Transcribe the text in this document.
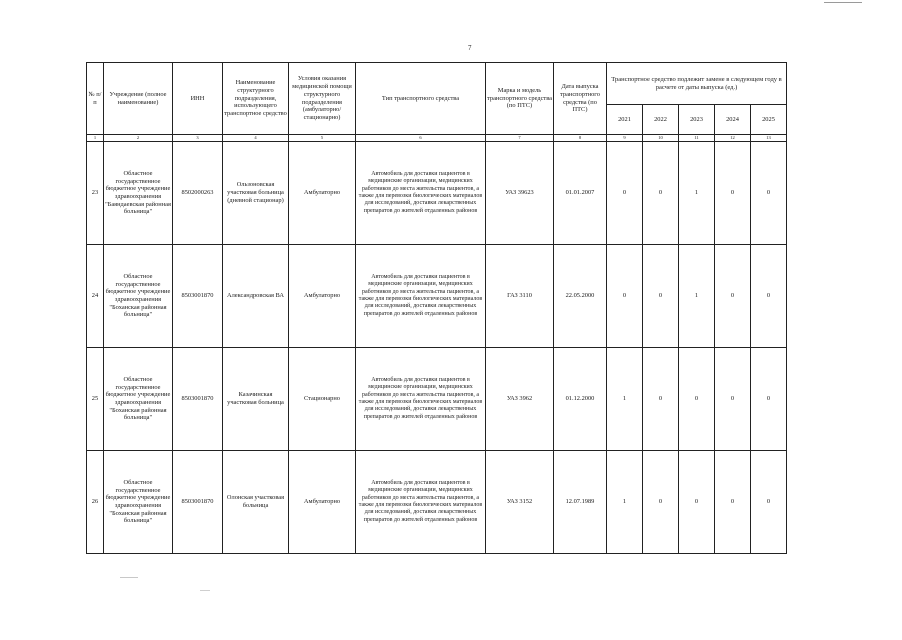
7
№ п/п	Учреждение (полное наименование)	ИНН	Наименование структурного подразделения, использующего транспортное средство	Условия оказания медицинской помощи структурного подразделения (амбулаторно/стационарно)	Тип транспортного средства	Марка и модель транспортного средства (по ПТС)	Дата выпуска транспортного средства (по ПТС)	Транспортное средство подлежит замене в следующем году в расчете от даты выпуска (ед.)				
								2021	2022	2023	2024	2025
1	2	3	4	5	6	7	8	9	10	11	12	13
23	Областное государственное бюджетное учреждение здравоохранения "Баяндаевская районная больница"	8502000263	Ользоновская участковая больница (дневной стационар)	Амбулаторно	Автомобиль для доставки пациентов в медицинские организации, медицинских работников до места жительства пациентов, а также для перевозки биологических материалов для исследований, доставки лекарственных препаратов до жителей отдаленных районов	УАЗ 39623	01.01.2007	0	0	1	0	0
24	Областное государственное бюджетное учреждение здравоохранения "Боханская районная больница"	8503001870	Александровская ВА	Амбулаторно	Автомобиль для доставки пациентов в медицинские организации, медицинских работников до места жительства пациентов, а также для перевозки биологических материалов для исследований, доставки лекарственных препаратов до жителей отдаленных районов	ГАЗ 3110	22.05.2000	0	0	1	0	0
25	Областное государственное бюджетное учреждение здравоохранения "Боханская районная больница"	8503001870	Казачинская участковая больница	Стационарно	Автомобиль для доставки пациентов в медицинские организации, медицинских работников до места жительства пациентов, а также для перевозки биологических материалов для исследований, доставки лекарственных препаратов до жителей отдаленных районов	УАЗ 3962	01.12.2000	1	0	0	0	0
26	Областное государственное бюджетное учреждение здравоохранения "Боханская районная больница"	8503001870	Олонская участковая больница	Амбулаторно	Автомобиль для доставки пациентов в медицинские организации, медицинских работников до места жительства пациентов, а также для перевозки биологических материалов для исследований, доставки лекарственных препаратов до жителей отдаленных районов	УАЗ 3152	12.07.1989	1	0	0	0	0
